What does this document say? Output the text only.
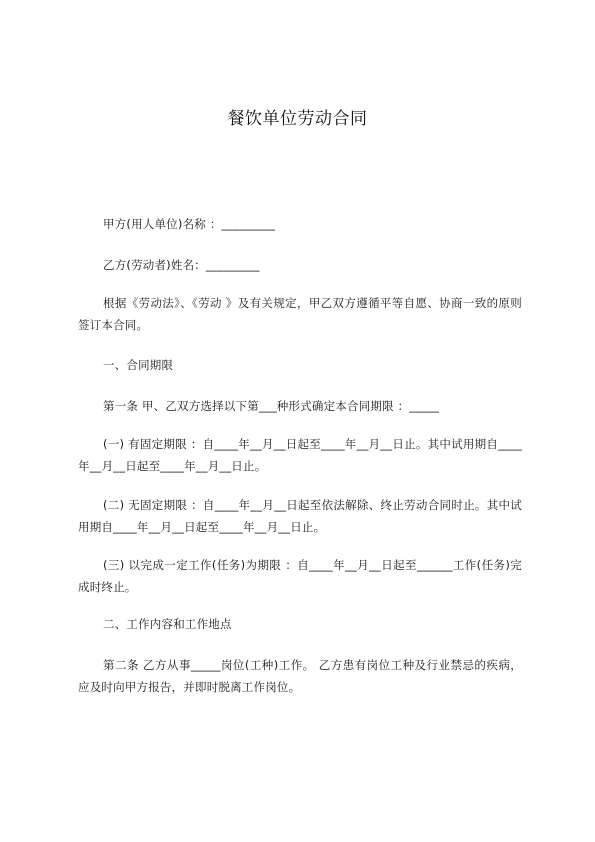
餐饮单位劳动合同
甲方(用人单位)名称 ：_________
乙方(劳动者)姓名：_________
根据《劳动法》、《劳动 》及有关规定，甲乙双方遵循平等自愿、协商一致的原则签订本合同。
一、合同期限
第一条 甲、乙双方选择以下第___种形式确定本合同期限 ：_____
(一) 有固定期限 ：自____年__月__日起至____年__月__日止。其中试用期自____年__月__日起至____年__月__日止。
(二) 无固定期限 ：自____年__月__日起至依法解除、终止劳动合同时止。其中试用期自____年__月__日起至____年__月__日止。
(三) 以完成一定工作(任务)为期限 ：自____年__月__日起至______工作(任务)完成时终止。
二、工作内容和工作地点
第二条 乙方从事_____岗位(工种)工作。 乙方患有岗位工种及行业禁忌的疾病，应及时向甲方报告，并即时脱离工作岗位。
